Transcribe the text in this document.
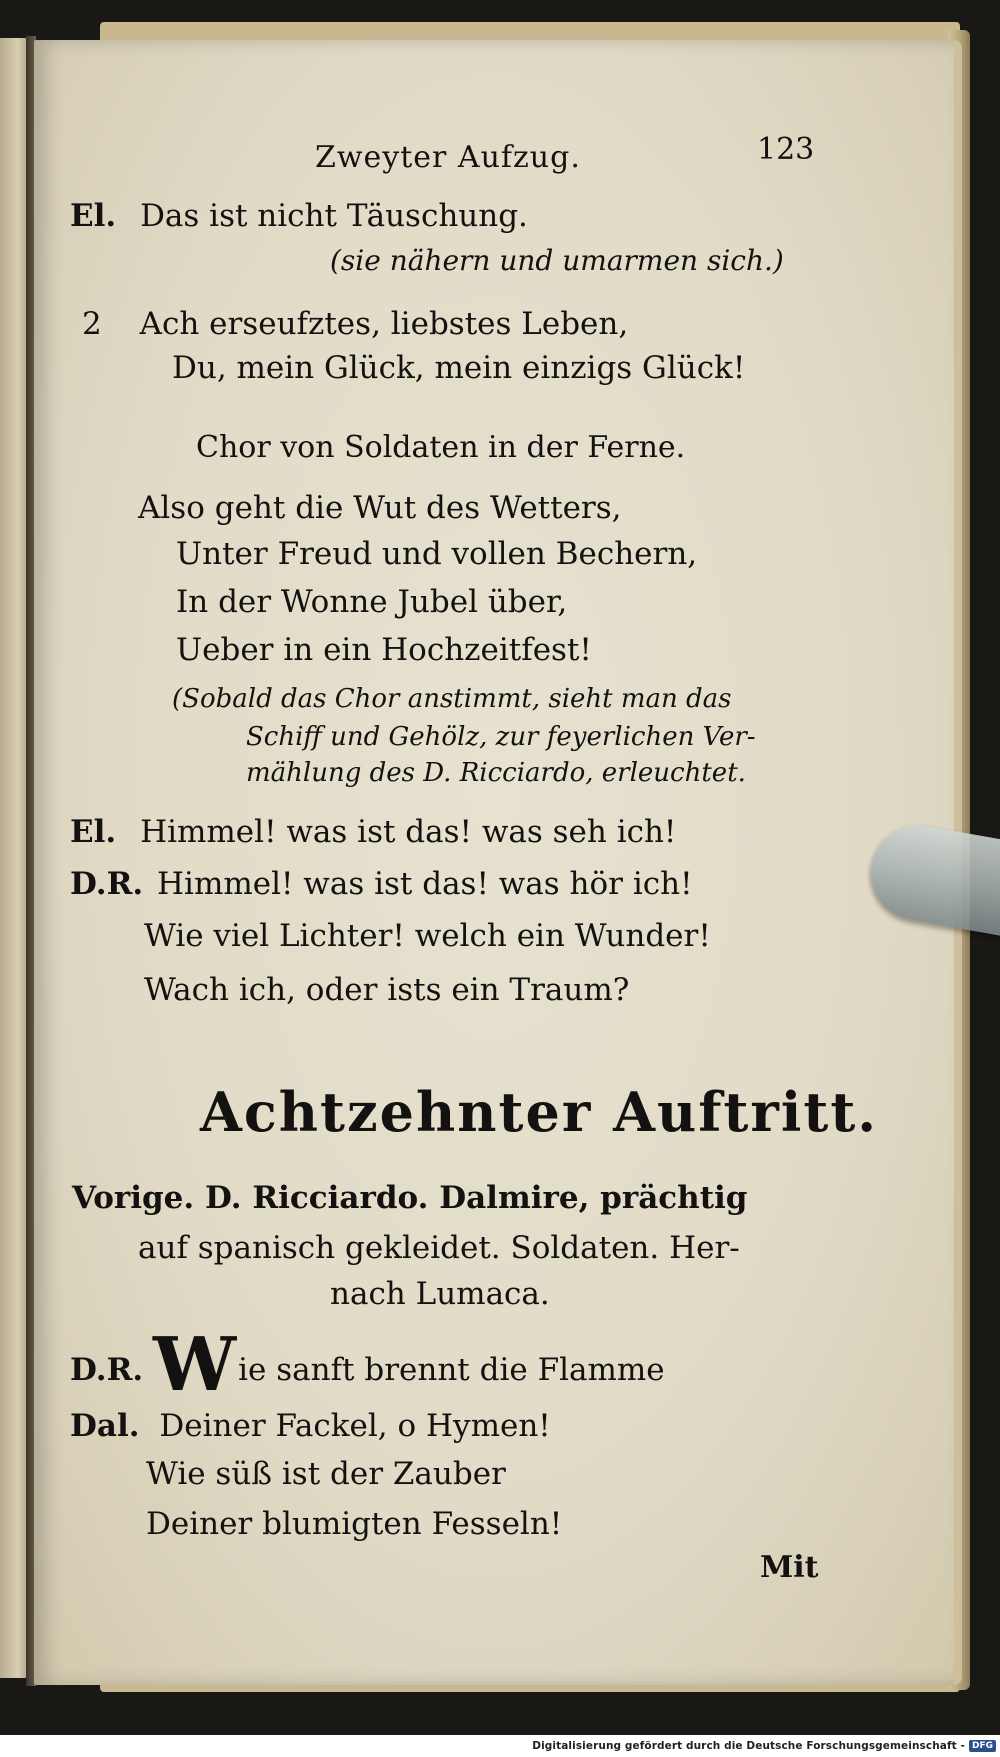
Zweyter Aufzug.	123
El. Das ist nicht Täuschung.
(sie nähern und umarmen sich.)
2 Ach erseufztes, liebstes Leben,
Du, mein Glück, mein einzigs Glück!
Chor von Soldaten in der Ferne.
Also geht die Wut des Wetters,
Unter Freud und vollen Bechern,
In der Wonne Jubel über,
Ueber in ein Hochzeitfest!
(Sobald das Chor anstimmt, sieht man das
Schiff und Gehölz, zur feyerlichen Ver-
mählung des D. Ricciardo, erleuchtet.
El. Himmel! was ist das! was seh ich!
D.R. Himmel! was ist das! was hör ich!
Wie viel Lichter! welch ein Wunder!
Wach ich, oder ists ein Traum?
Achtzehnter Auftritt.
Vorige. D. Ricciardo. Dalmire, prächtig
auf spanisch gekleidet. Soldaten. Her-
nach Lumaca.
D.R. Wie sanft brennt die Flamme
Dal. Deiner Fackel, o Hymen!
Wie süß ist der Zauber
Deiner blumigten Fesseln!
Mit
Digitalisierung gefördert durch die Deutsche Forschungsgemeinschaft - DFG
